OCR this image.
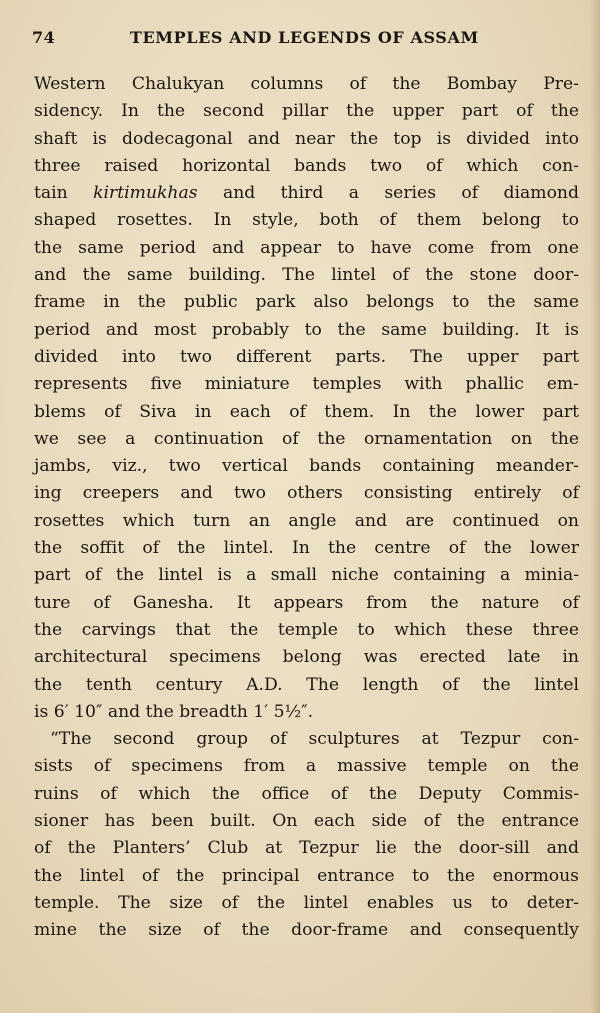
74	TEMPLES AND LEGENDS OF ASSAM
Western Chalukyan columns of the Bombay Pre-
sidency. In the second pillar the upper part of the
shaft is dodecagonal and near the top is divided into
three raised horizontal bands two of which con-
tain kirtimukhas and third a series of diamond
shaped rosettes. In style, both of them belong to
the same period and appear to have come from one
and the same building. The lintel of the stone door-
frame in the public park also belongs to the same
period and most probably to the same building. It is
divided into two different parts. The upper part
represents five miniature temples with phallic em-
blems of Siva in each of them. In the lower part
we see a continuation of the ornamentation on the
jambs, viz., two vertical bands containing meander-
ing creepers and two others consisting entirely of
rosettes which turn an angle and are continued on
the soffit of the lintel. In the centre of the lower
part of the lintel is a small niche containing a minia-
ture of Ganesha. It appears from the nature of
the carvings that the temple to which these three
architectural specimens belong was erected late in
the tenth century A.D. The length of the lintel
is 6′ 10″ and the breadth 1′ 5½″.
“The second group of sculptures at Tezpur con-
sists of specimens from a massive temple on the
ruins of which the office of the Deputy Commis-
sioner has been built. On each side of the entrance
of the Planters’ Club at Tezpur lie the door-sill and
the lintel of the principal entrance to the enormous
temple. The size of the lintel enables us to deter-
mine the size of the door-frame and consequently
